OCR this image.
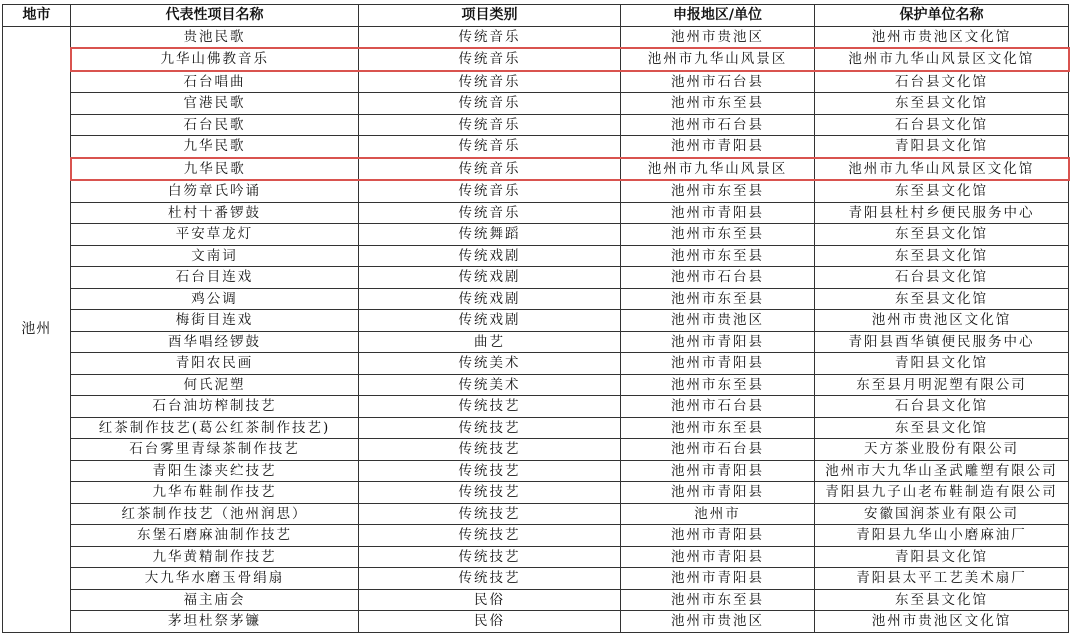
地市	代表性项目名称	项目类别	申报地区/单位	保护单位名称
池州	贵池民歌	传统音乐	池州市贵池区	池州市贵池区文化馆
	九华山佛教音乐	传统音乐	池州市九华山风景区	池州市九华山风景区文化馆
	石台唱曲	传统音乐	池州市石台县	石台县文化馆
	官港民歌	传统音乐	池州市东至县	东至县文化馆
	石台民歌	传统音乐	池州市石台县	石台县文化馆
	九华民歌	传统音乐	池州市青阳县	青阳县文化馆
	九华民歌	传统音乐	池州市九华山风景区	池州市九华山风景区文化馆
	白笏章氏吟诵	传统音乐	池州市东至县	东至县文化馆
	杜村十番锣鼓	传统音乐	池州市青阳县	青阳县杜村乡便民服务中心
	平安草龙灯	传统舞蹈	池州市东至县	东至县文化馆
	文南词	传统戏剧	池州市东至县	东至县文化馆
	石台目连戏	传统戏剧	池州市石台县	石台县文化馆
	鸡公调	传统戏剧	池州市东至县	东至县文化馆
	梅街目连戏	传统戏剧	池州市贵池区	池州市贵池区文化馆
	酉华唱经锣鼓	曲艺	池州市青阳县	青阳县酉华镇便民服务中心
	青阳农民画	传统美术	池州市青阳县	青阳县文化馆
	何氏泥塑	传统美术	池州市东至县	东至县月明泥塑有限公司
	石台油坊榨制技艺	传统技艺	池州市石台县	石台县文化馆
	红茶制作技艺(葛公红茶制作技艺)	传统技艺	池州市东至县	东至县文化馆
	石台雾里青绿茶制作技艺	传统技艺	池州市石台县	天方茶业股份有限公司
	青阳生漆夹纻技艺	传统技艺	池州市青阳县	池州市大九华山圣武雕塑有限公司
	九华布鞋制作技艺	传统技艺	池州市青阳县	青阳县九子山老布鞋制造有限公司
	红茶制作技艺（池州润思）	传统技艺	池州市	安徽国润茶业有限公司
	东堡石磨麻油制作技艺	传统技艺	池州市青阳县	青阳县九华山小磨麻油厂
	九华黄精制作技艺	传统技艺	池州市青阳县	青阳县文化馆
	大九华水磨玉骨绢扇	传统技艺	池州市青阳县	青阳县太平工艺美术扇厂
	福主庙会	民俗	池州市东至县	东至县文化馆
	茅坦杜祭茅镰	民俗	池州市贵池区	池州市贵池区文化馆
